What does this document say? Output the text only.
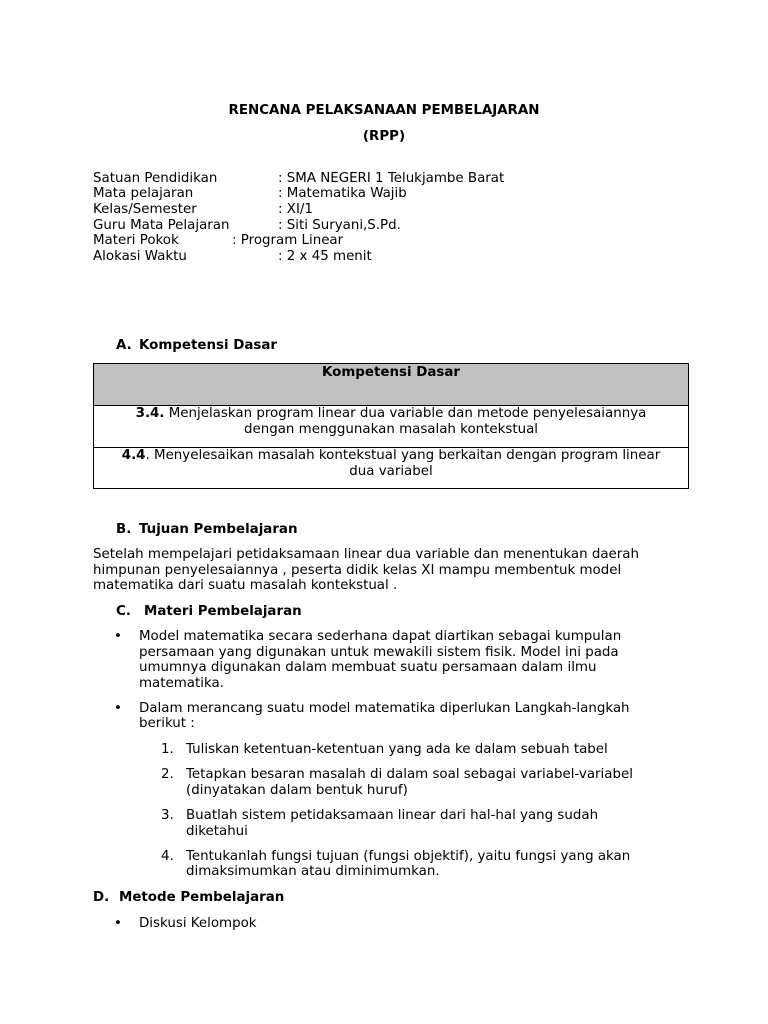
RENCANA PELAKSANAAN PEMBELAJARAN
(RPP)
Satuan Pendidikan	: SMA NEGERI 1 Telukjambe Barat
Mata pelajaran	: Matematika Wajib
Kelas/Semester	: XI/1
Guru Mata Pelajaran	: Siti Suryani,S.Pd.
Materi Pokok	: Program Linear
Alokasi Waktu	: 2 x 45 menit
A. Kompetensi Dasar
Kompetensi Dasar
3.4. Menjelaskan program linear dua variable dan metode penyelesaiannya
dengan menggunakan masalah kontekstual
4.4. Menyelesaikan masalah kontekstual yang berkaitan dengan program linear
dua variabel
B. Tujuan Pembelajaran
Setelah mempelajari petidaksamaan linear dua variable dan menentukan daerah
himpunan penyelesaiannya , peserta didik kelas XI mampu membentuk model
matematika dari suatu masalah kontekstual .
C. Materi Pembelajaran
• Model matematika secara sederhana dapat diartikan sebagai kumpulan
persamaan yang digunakan untuk mewakili sistem fisik. Model ini pada
umumnya digunakan dalam membuat suatu persamaan dalam ilmu
matematika.
• Dalam merancang suatu model matematika diperlukan Langkah-langkah
berikut :
1. Tuliskan ketentuan-ketentuan yang ada ke dalam sebuah tabel
2. Tetapkan besaran masalah di dalam soal sebagai variabel-variabel
(dinyatakan dalam bentuk huruf)
3. Buatlah sistem petidaksamaan linear dari hal-hal yang sudah
diketahui
4. Tentukanlah fungsi tujuan (fungsi objektif), yaitu fungsi yang akan
dimaksimumkan atau diminimumkan.
D. Metode Pembelajaran
• Diskusi Kelompok
